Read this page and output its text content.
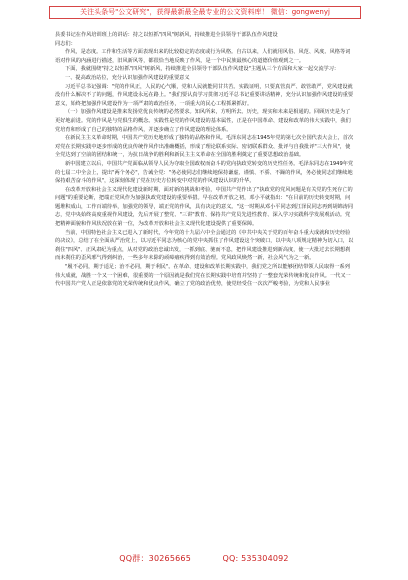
关注头条号"公文研究"，获得最新最全最专业的公文资料库！ 微信：gongwenyj

县委书记在作风培训班上的讲话：持之以恒抓"四风"树新风，持续推进全县领导干部队伍作风建设

同志们：

作风，是态度。工作和生活等方面表现出来的比较稳定的态度或行为风格。自古以来，人们就用风俗、风范、风度、风格等词语对作风的内涵进行描述，旧风新风等，都很恰当地反映了作风，是一个中民族最核心的道德价值观到之一。

下面，我就围绕"持之以恒抓"四风"树新风，持续推进全县领导干部队伍作风建设"主题从三个方面和大家一起交流学习：

一、提高政治站位，充分认识加强作风建设的重要意义

习近平总书记强调："党的作风正，人民的心气顺，党和人民就能同甘共苦。实践证明，只要真管真严、敢管敢严，党风建设就没有什么解决不了的问题，作风建设永远在路上。"我们要认真学习贯彻习近平总书记重要讲话精神，充分认识加强作风建设的重要意义，始终把加强作风建设作为一项严肃的政治任务，一项重大的民心工程抓紧抓好。

（一）加强作风建设是推来发扬党优良传统的必然要求。知风所来，方明所去。历史，现实和未来是相通的。回顾历史是为了更好地前进。党的作风是与党俱生的概念。实践性是党的作风建设的基本属性，正是在中国革命、建设和改革的伟大实践中，我们党培育和形成了自己的独特的品格作风，并逐步确立了作风建设的理论体系。

在新民主主义革命时期，中国共产党历史地形成了独特的品格和作风。毛泽东同志在1945年党的第七次全国代表大会上，首次对党在长期实践中逐步形成的优良传统作风作出准确概括，形成了理论联系实际、密切联系群众、批评与自我批评"三大作风"，使全党达到了空前的团结和统一，为抗日战争的胜利和新民主主义革命在全国的胜利奠定了重要思想政治基础。

新中国建立以后，中国共产党面临从领导人民为夺取全国政权而奋斗的党向执政党转变的历史性任务。毛泽东同志在1949年党的七届二中全会上，提出"两个务必"，告诫全党："务必使同志们继续地保持谦虚、谨慎、不骄、不躁的作风，务必使同志们继续地保持艰苦奋斗的作风"，这深刻体现了党在历史方位转变中对党的作风建设认识的升华。

在改革开放和社会主义现代化建设新时期，面对新的挑战和考验，中国共产党作出了"执政党的党风问题是有关党的生死存亡的问题"的重要论断，把端正党风作为加强执政党建设的重要举措。早在改革开放之初，邓小平就指出："在目前的历史转变时期，问题堆积成山，工作百端待举，加强党的领导，端正党的作风，具有决定的意义。"这一时期从邓小平同志到江泽民同志再到胡锦涛同志，党中央始终高度重视作风建设，先后开展了整党、"三讲"教育、保持共产党员先进性教育、深入学习实践科学发展观活动。党把精神面貌和作风状况放在第一位，为改革开放和社会主义现代化建设提供了重要保障。

当前，中国特色社会主义已进入了新时代，今年党的十九届六中全会通过的《中共中央关于党的百年奋斗重大成就和历史经验的决议》，总结了在全面从严治党上，以习近平同志为核心的党中央抓住了作风建设这个突破口，以中央八项规定精神为切入口，以刹住"四风"、正风肃纪为重点，从对党的政治忠诚出发，一抓到底、驰而不息，把作风建设推进到新高度，使一大批过去长期想刹而未刹住的歪风邪气得到纠治，一些多年未除的顽瘴痼疾得到有效治理。党风政风焕然一新，社会风气为之一新。

"履不必同，期于适足；治不必同，期于利民"。在革命、建设和改革长期实践中，我们党之所以能够团结带领人民取得一系列伟大成就，战胜一个又一个困难，很重要的一个原因就是我们党在长期实践中培育并坚持了一整套光荣传统和优良作风。一代又一代中国共产党人正是依靠党的光荣传统和优良作风，确立了党的政治优势，使党经受住一次次严峻考验，为党和人民事业

QQ群：30265665	QQ: 535304092
